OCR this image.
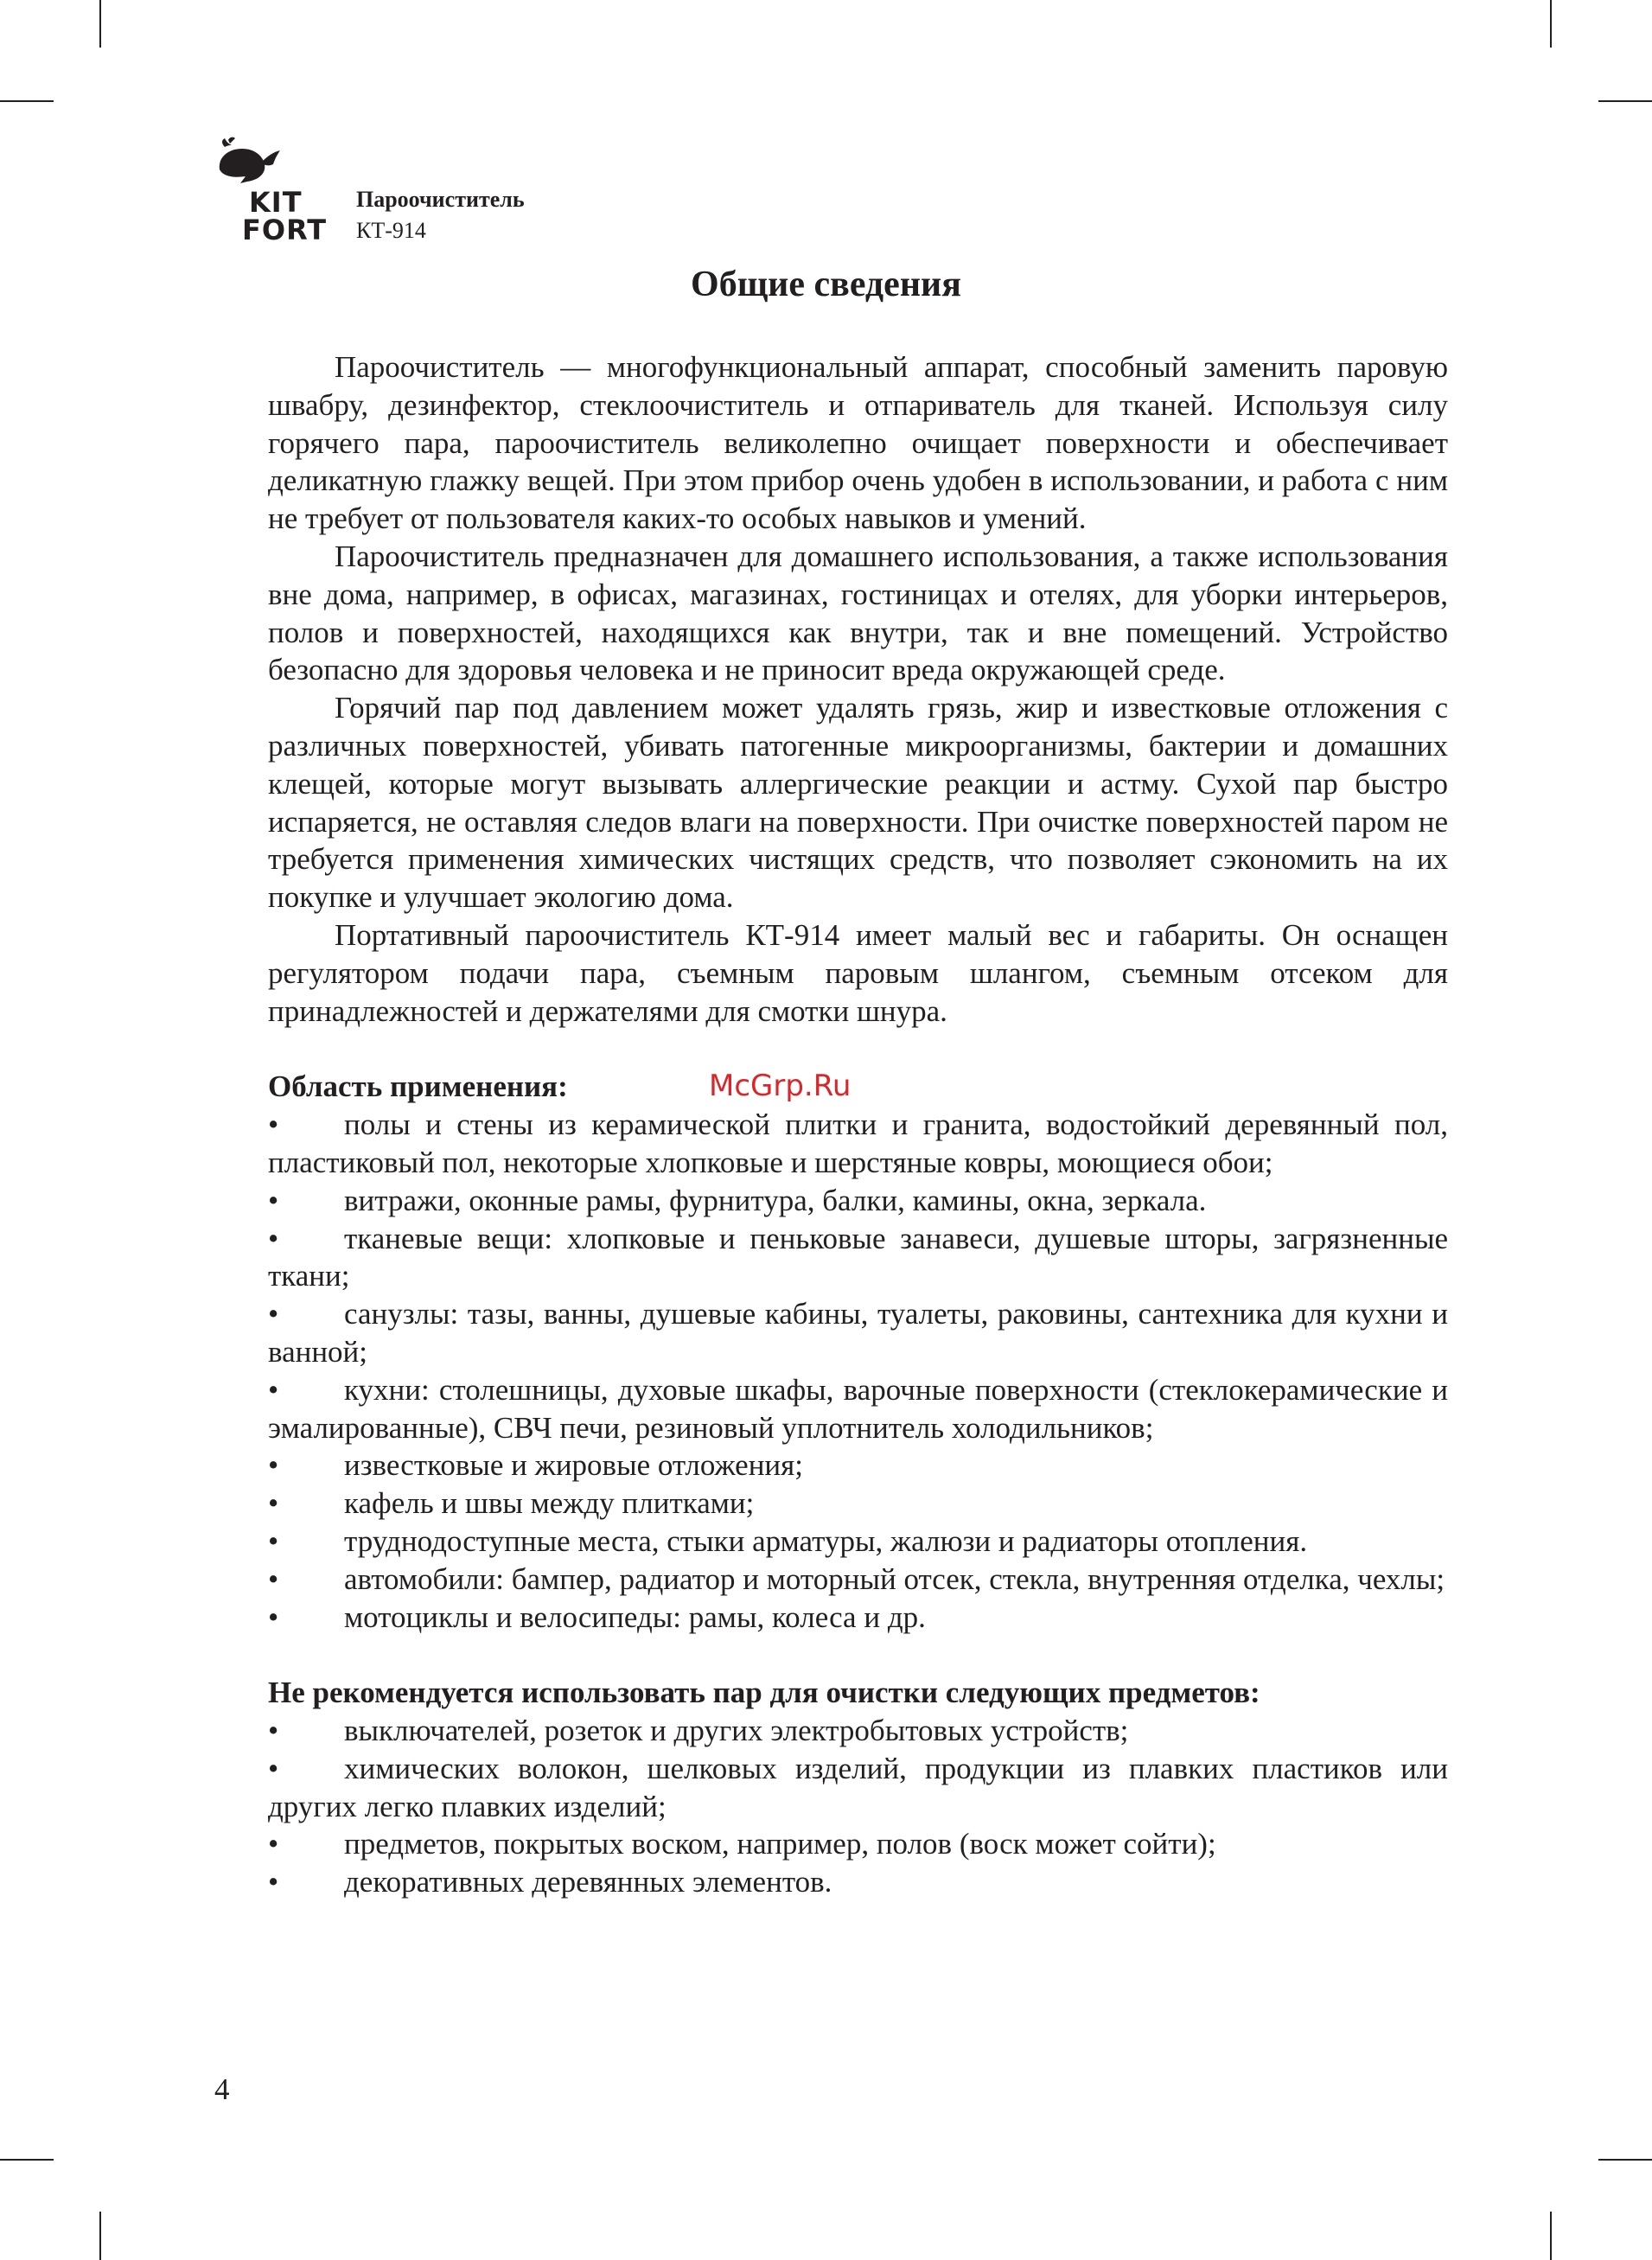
KIT
FORT
Пароочиститель
КТ-914
Общие сведения

Пароочиститель — многофункциональный аппарат, способный заменить паровую швабру, дезинфектор, стеклоочиститель и отпариватель для тканей. Используя силу горячего пара, пароочиститель великолепно очищает поверхности и обеспечивает деликатную глажку вещей. При этом прибор очень удобен в использовании, и работа с ним не требует от пользователя каких-то особых навыков и умений.

Пароочиститель предназначен для домашнего использования, а также использования вне дома, например, в офисах, магазинах, гостиницах и отелях, для уборки интерьеров, полов и поверхностей, находящихся как внутри, так и вне помещений. Устройство безопасно для здоровья человека и не приносит вреда окружающей среде.

Горячий пар под давлением может удалять грязь, жир и известковые отложения с различных поверхностей, убивать патогенные микроорганизмы, бактерии и домашних клещей, которые могут вызывать аллергические реакции и астму. Сухой пар быстро испаряется, не оставляя следов влаги на поверхности. При очистке поверхностей паром не требуется применения химических чистящих средств, что позволяет сэкономить на их покупке и улучшает экологию дома.

Портативный пароочиститель КТ-914 имеет малый вес и габариты. Он оснащен регулятором подачи пара, съемным паровым шлангом, съемным отсеком для принадлежностей и держателями для смотки шнура.

Область применения:	McGrp.Ru

• полы и стены из керамической плитки и гранита, водостойкий деревянный пол, пластиковый пол, некоторые хлопковые и шерстяные ковры, моющиеся обои;

• витражи, оконные рамы, фурнитура, балки, камины, окна, зеркала.

• тканевые вещи: хлопковые и пеньковые занавеси, душевые шторы, загрязненные ткани;

• санузлы: тазы, ванны, душевые кабины, туалеты, раковины, сантехника для кухни и ванной;

• кухни: столешницы, духовые шкафы, варочные поверхности (стеклокерамические и эмалированные), СВЧ печи, резиновый уплотнитель холодильников;

• известковые и жировые отложения;

• кафель и швы между плитками;

• труднодоступные места, стыки арматуры, жалюзи и радиаторы отопления.

• автомобили: бампер, радиатор и моторный отсек, стекла, внутренняя отделка, чехлы;

• мотоциклы и велосипеды: рамы, колеса и др.

Не рекомендуется использовать пар для очистки следующих предметов:

• выключателей, розеток и других электробытовых устройств;

• химических волокон, шелковых изделий, продукции из плавких пластиков или других легко плавких изделий;

• предметов, покрытых воском, например, полов (воск может сойти);

• декоративных деревянных элементов.

4
